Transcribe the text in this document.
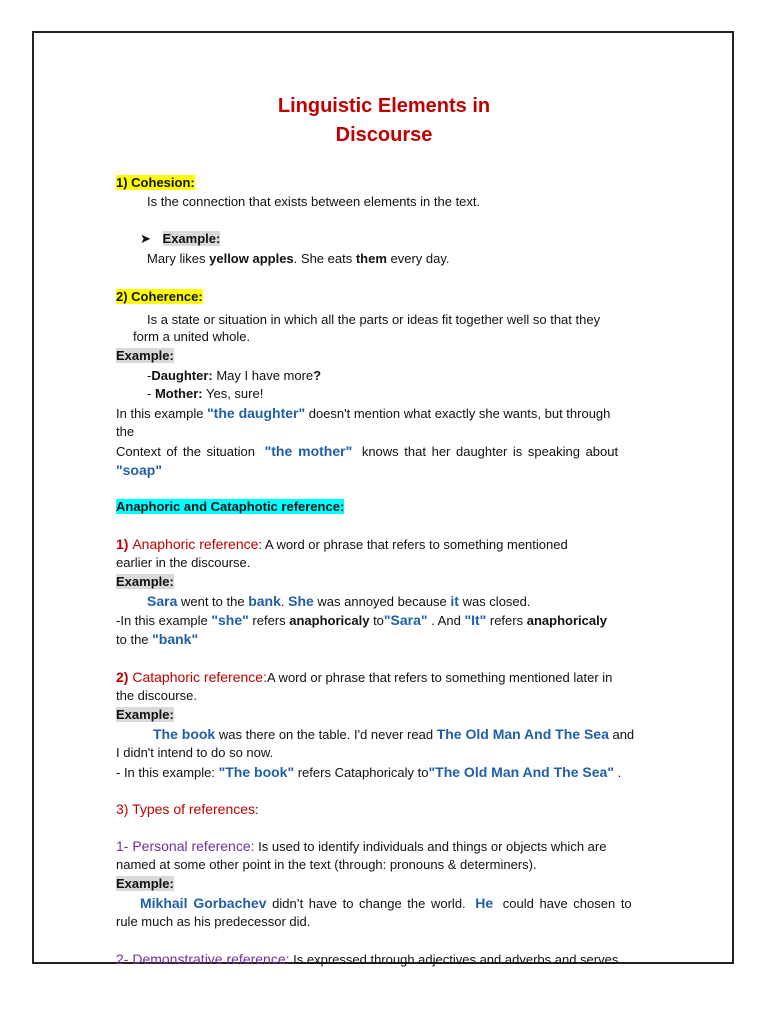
Linguistic Elements in
Discourse
1) Cohesion:
Is the connection that exists between elements in the text.
➤ Example:
Mary likes yellow apples. She eats them every day.
2) Coherence:
Is a state or situation in which all the parts or ideas fit together well so that they
form a united whole.
Example:
-Daughter: May I have more?
- Mother: Yes, sure!
In this example "the daughter" doesn't mention what exactly she wants, but through
the
Context of the situation "the mother" knows that her daughter is speaking about
"soap"
Anaphoric and Cataphotic reference:
1) Anaphoric reference: A word or phrase that refers to something mentioned
earlier in the discourse.
Example:
Sara went to the bank. She was annoyed because it was closed.
-In this example "she" refers anaphoricaly to"Sara" . And "It" refers anaphoricaly
to the "bank"
2) Cataphoric reference:A word or phrase that refers to something mentioned later in
the discourse.
Example:
The book was there on the table. I'd never read The Old Man And The Sea and
I didn't intend to do so now.
- In this example: "The book" refers Cataphoricaly to"The Old Man And The Sea" .
3) Types of references:
1- Personal reference: Is used to identify individuals and things or objects which are
named at some other point in the text (through: pronouns & determiners).
Example:
Mikhail Gorbachev didn’t have to change the world. He could have chosen to
rule much as his predecessor did.
2- Demonstrative reference: Is expressed through adjectives and adverbs and serves
